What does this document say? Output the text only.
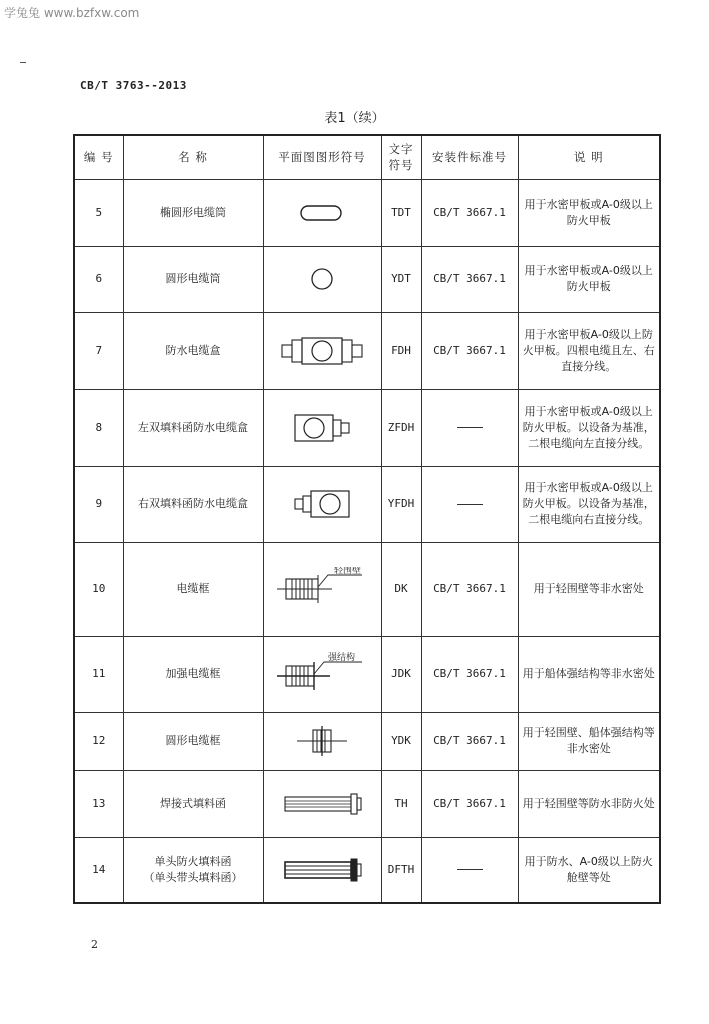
学兔兔 www.bzfxw.com
CB/T 3763--2013
表1（续）
编 号	名 称	平面图图形符号	文字符号	安装件标准号	说 明
5	椭圆形电缆筒		TDT	CB/T 3667.1	用于水密甲板或A-0级以上防火甲板
6	圆形电缆筒		YDT	CB/T 3667.1	用于水密甲板或A-0级以上防火甲板
7	防水电缆盒		FDH	CB/T 3667.1	用于水密甲板A-0级以上防火甲板。四根电缆且左、右直接分线。
8	左双填料函防水电缆盒		ZFDH		用于水密甲板或A-0级以上防火甲板。以设备为基准，二根电缆向左直接分线。
9	右双填料函防水电缆盒		YFDH		用于水密甲板或A-0级以上防火甲板。以设备为基准，二根电缆向右直接分线。
10	电缆框	轻围壁	DK	CB/T 3667.1	用于轻围壁等非水密处
11	加强电缆框	强结构	JDK	CB/T 3667.1	用于船体强结构等非水密处
12	圆形电缆框		YDK	CB/T 3667.1	用于轻围壁、船体强结构等非水密处
13	焊接式填料函		TH	CB/T 3667.1	用于轻围壁等防水非防火处
14	单头防火填料函
（单头带头填料函）		DFTH		用于防水、A-0级以上防火舱壁等处
2
